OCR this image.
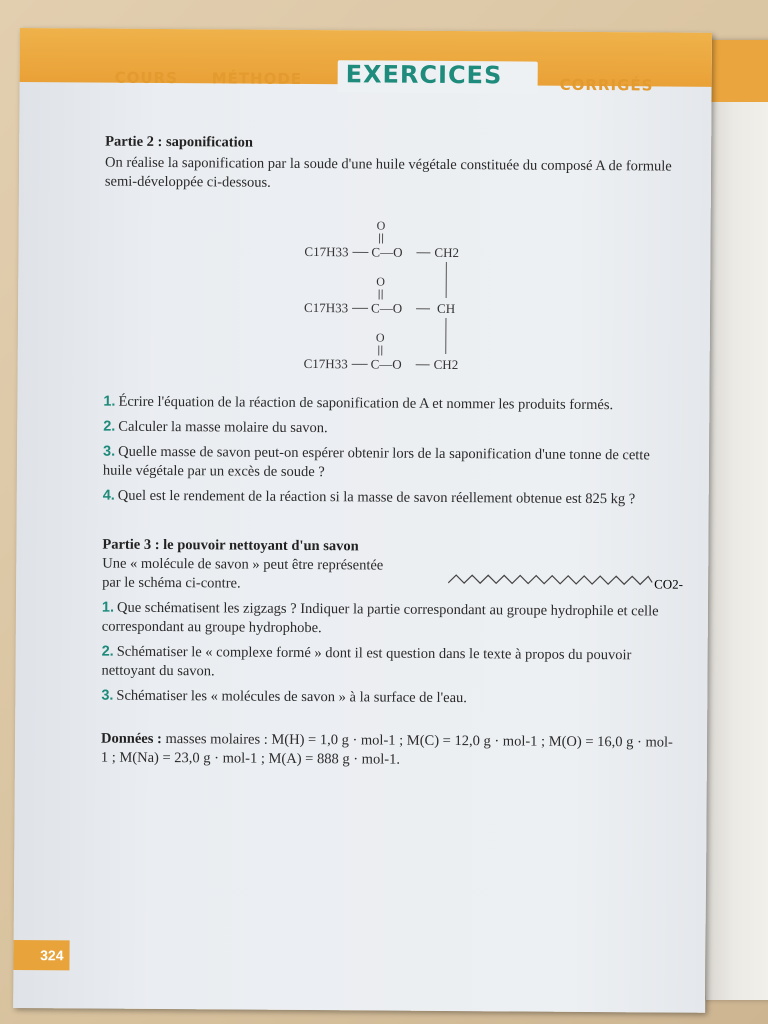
COURS MÉTHODE EXERCICES	CORRIGÉS
Partie 2 : saponification
On réalise la saponification par la soude d'une huile végétale constituée du composé A de formule semi-développée ci-dessous.
O
C17H33 C—O CH2
O
C17H33 C—O	CH
O
C17H33 C—O CH2
1. Écrire l'équation de la réaction de saponification de A et nommer les produits formés.
2. Calculer la masse molaire du savon.
3. Quelle masse de savon peut-on espérer obtenir lors de la saponification d'une tonne de cette huile végétale par un excès de soude ?
4. Quel est le rendement de la réaction si la masse de savon réellement obtenue est 825 kg ?
Partie 3 : le pouvoir nettoyant d'un savon
Une « molécule de savon » peut être représentée par le schéma ci-contre.	CO2-
1. Que schématisent les zigzags ? Indiquer la partie correspondant au groupe hydrophile et celle correspondant au groupe hydrophobe.
2. Schématiser le « complexe formé » dont il est question dans le texte à propos du pouvoir nettoyant du savon.
3. Schématiser les « molécules de savon » à la surface de l'eau.
Données : masses molaires : M(H) = 1,0 g · mol-1 ; M(C) = 12,0 g · mol-1 ; M(O) = 16,0 g · mol-1 ; M(Na) = 23,0 g · mol-1 ; M(A) = 888 g · mol-1.
324
